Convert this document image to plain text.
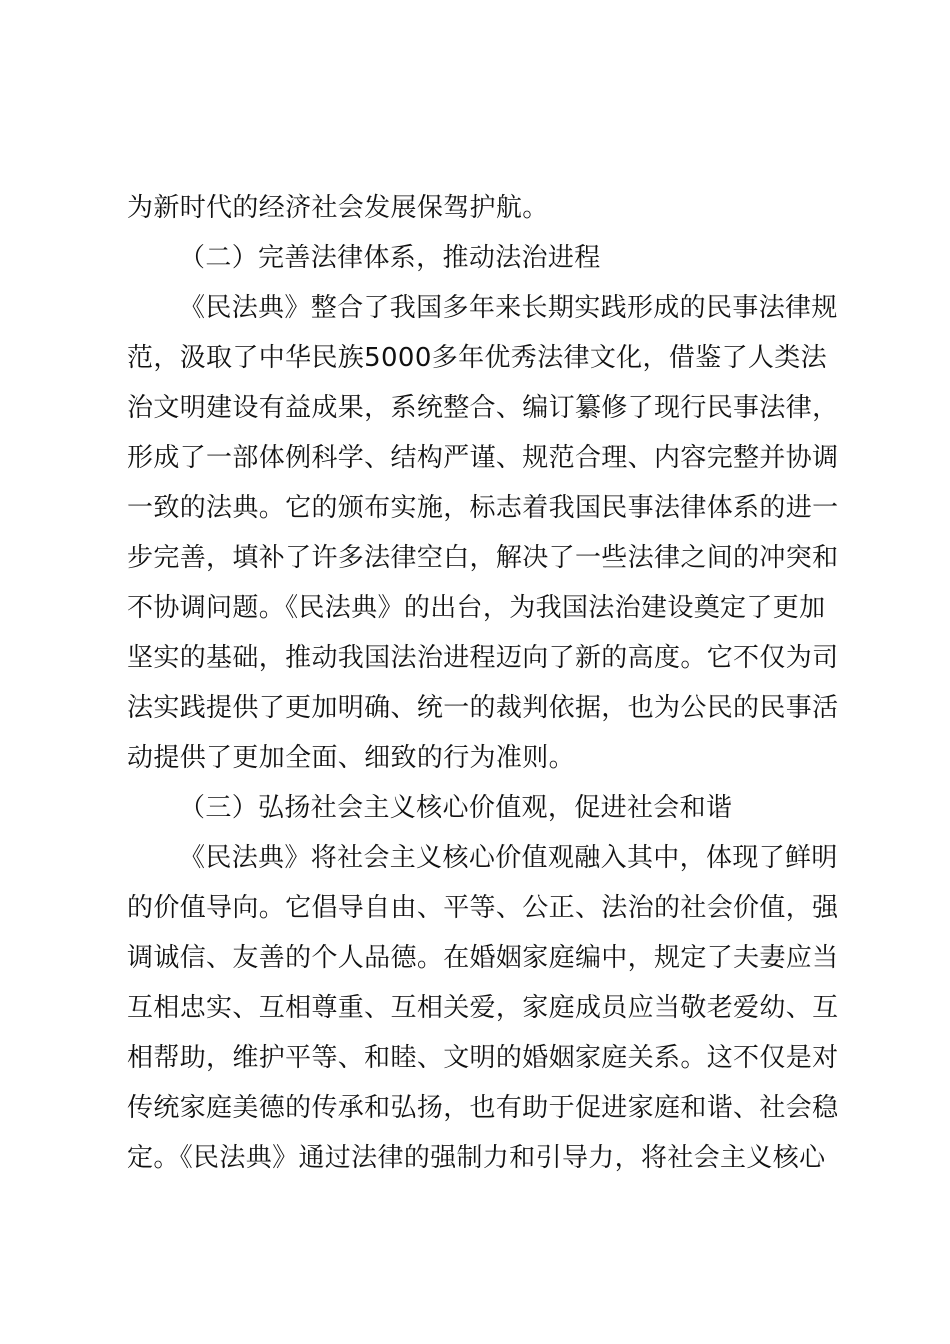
为新时代的经济社会发展保驾护航。
（二）完善法律体系，推动法治进程
《民法典》整合了我国多年来长期实践形成的民事法律规
范，汲取了中华民族5000多年优秀法律文化，借鉴了人类法
治文明建设有益成果，系统整合、编订纂修了现行民事法律，
形成了一部体例科学、结构严谨、规范合理、内容完整并协调
一致的法典。它的颁布实施，标志着我国民事法律体系的进一
步完善，填补了许多法律空白，解决了一些法律之间的冲突和
不协调问题。《民法典》的出台，为我国法治建设奠定了更加
坚实的基础，推动我国法治进程迈向了新的高度。它不仅为司
法实践提供了更加明确、统一的裁判依据，也为公民的民事活
动提供了更加全面、细致的行为准则。
（三）弘扬社会主义核心价值观，促进社会和谐
《民法典》将社会主义核心价值观融入其中，体现了鲜明
的价值导向。它倡导自由、平等、公正、法治的社会价值，强
调诚信、友善的个人品德。在婚姻家庭编中，规定了夫妻应当
互相忠实、互相尊重、互相关爱，家庭成员应当敬老爱幼、互
相帮助，维护平等、和睦、文明的婚姻家庭关系。这不仅是对
传统家庭美德的传承和弘扬，也有助于促进家庭和谐、社会稳
定。《民法典》通过法律的强制力和引导力，将社会主义核心
